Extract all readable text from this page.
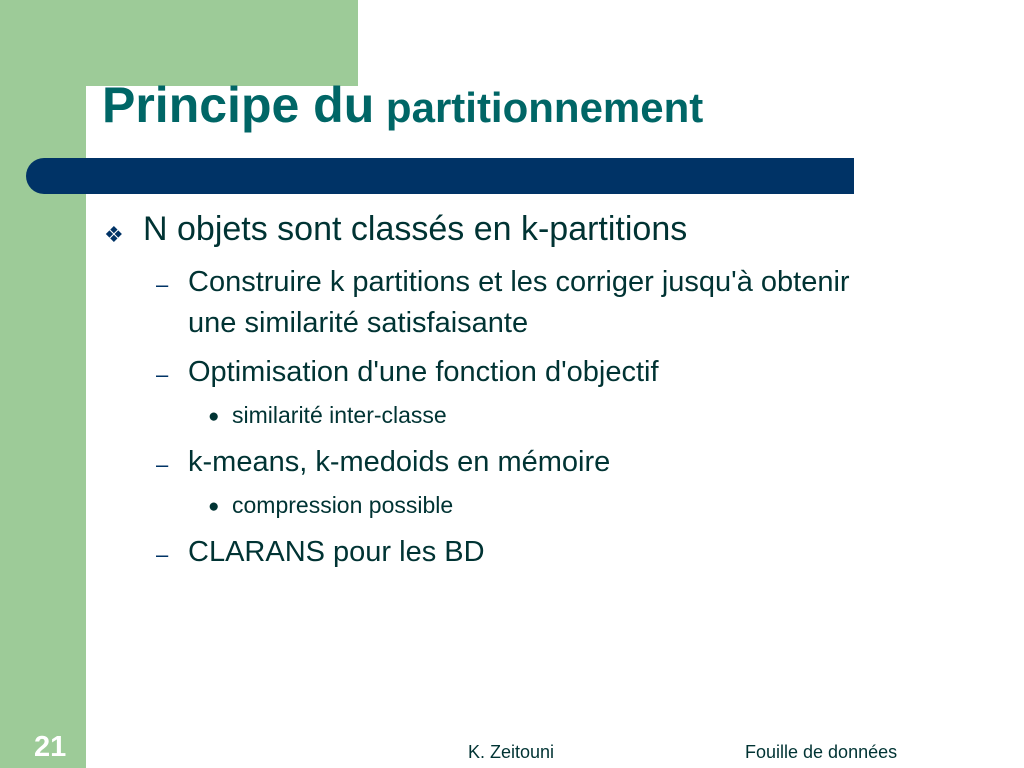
Principe du partitionnement
❖ N objets sont classés en k-partitions
– Construire k partitions et les corriger jusqu'à obtenir
une similarité satisfaisante
– Optimisation d'une fonction d'objectif
● similarité inter-classe
– k-means, k-medoids en mémoire
● compression possible
– CLARANS pour les BD
21	K. Zeitouni	Fouille de données
